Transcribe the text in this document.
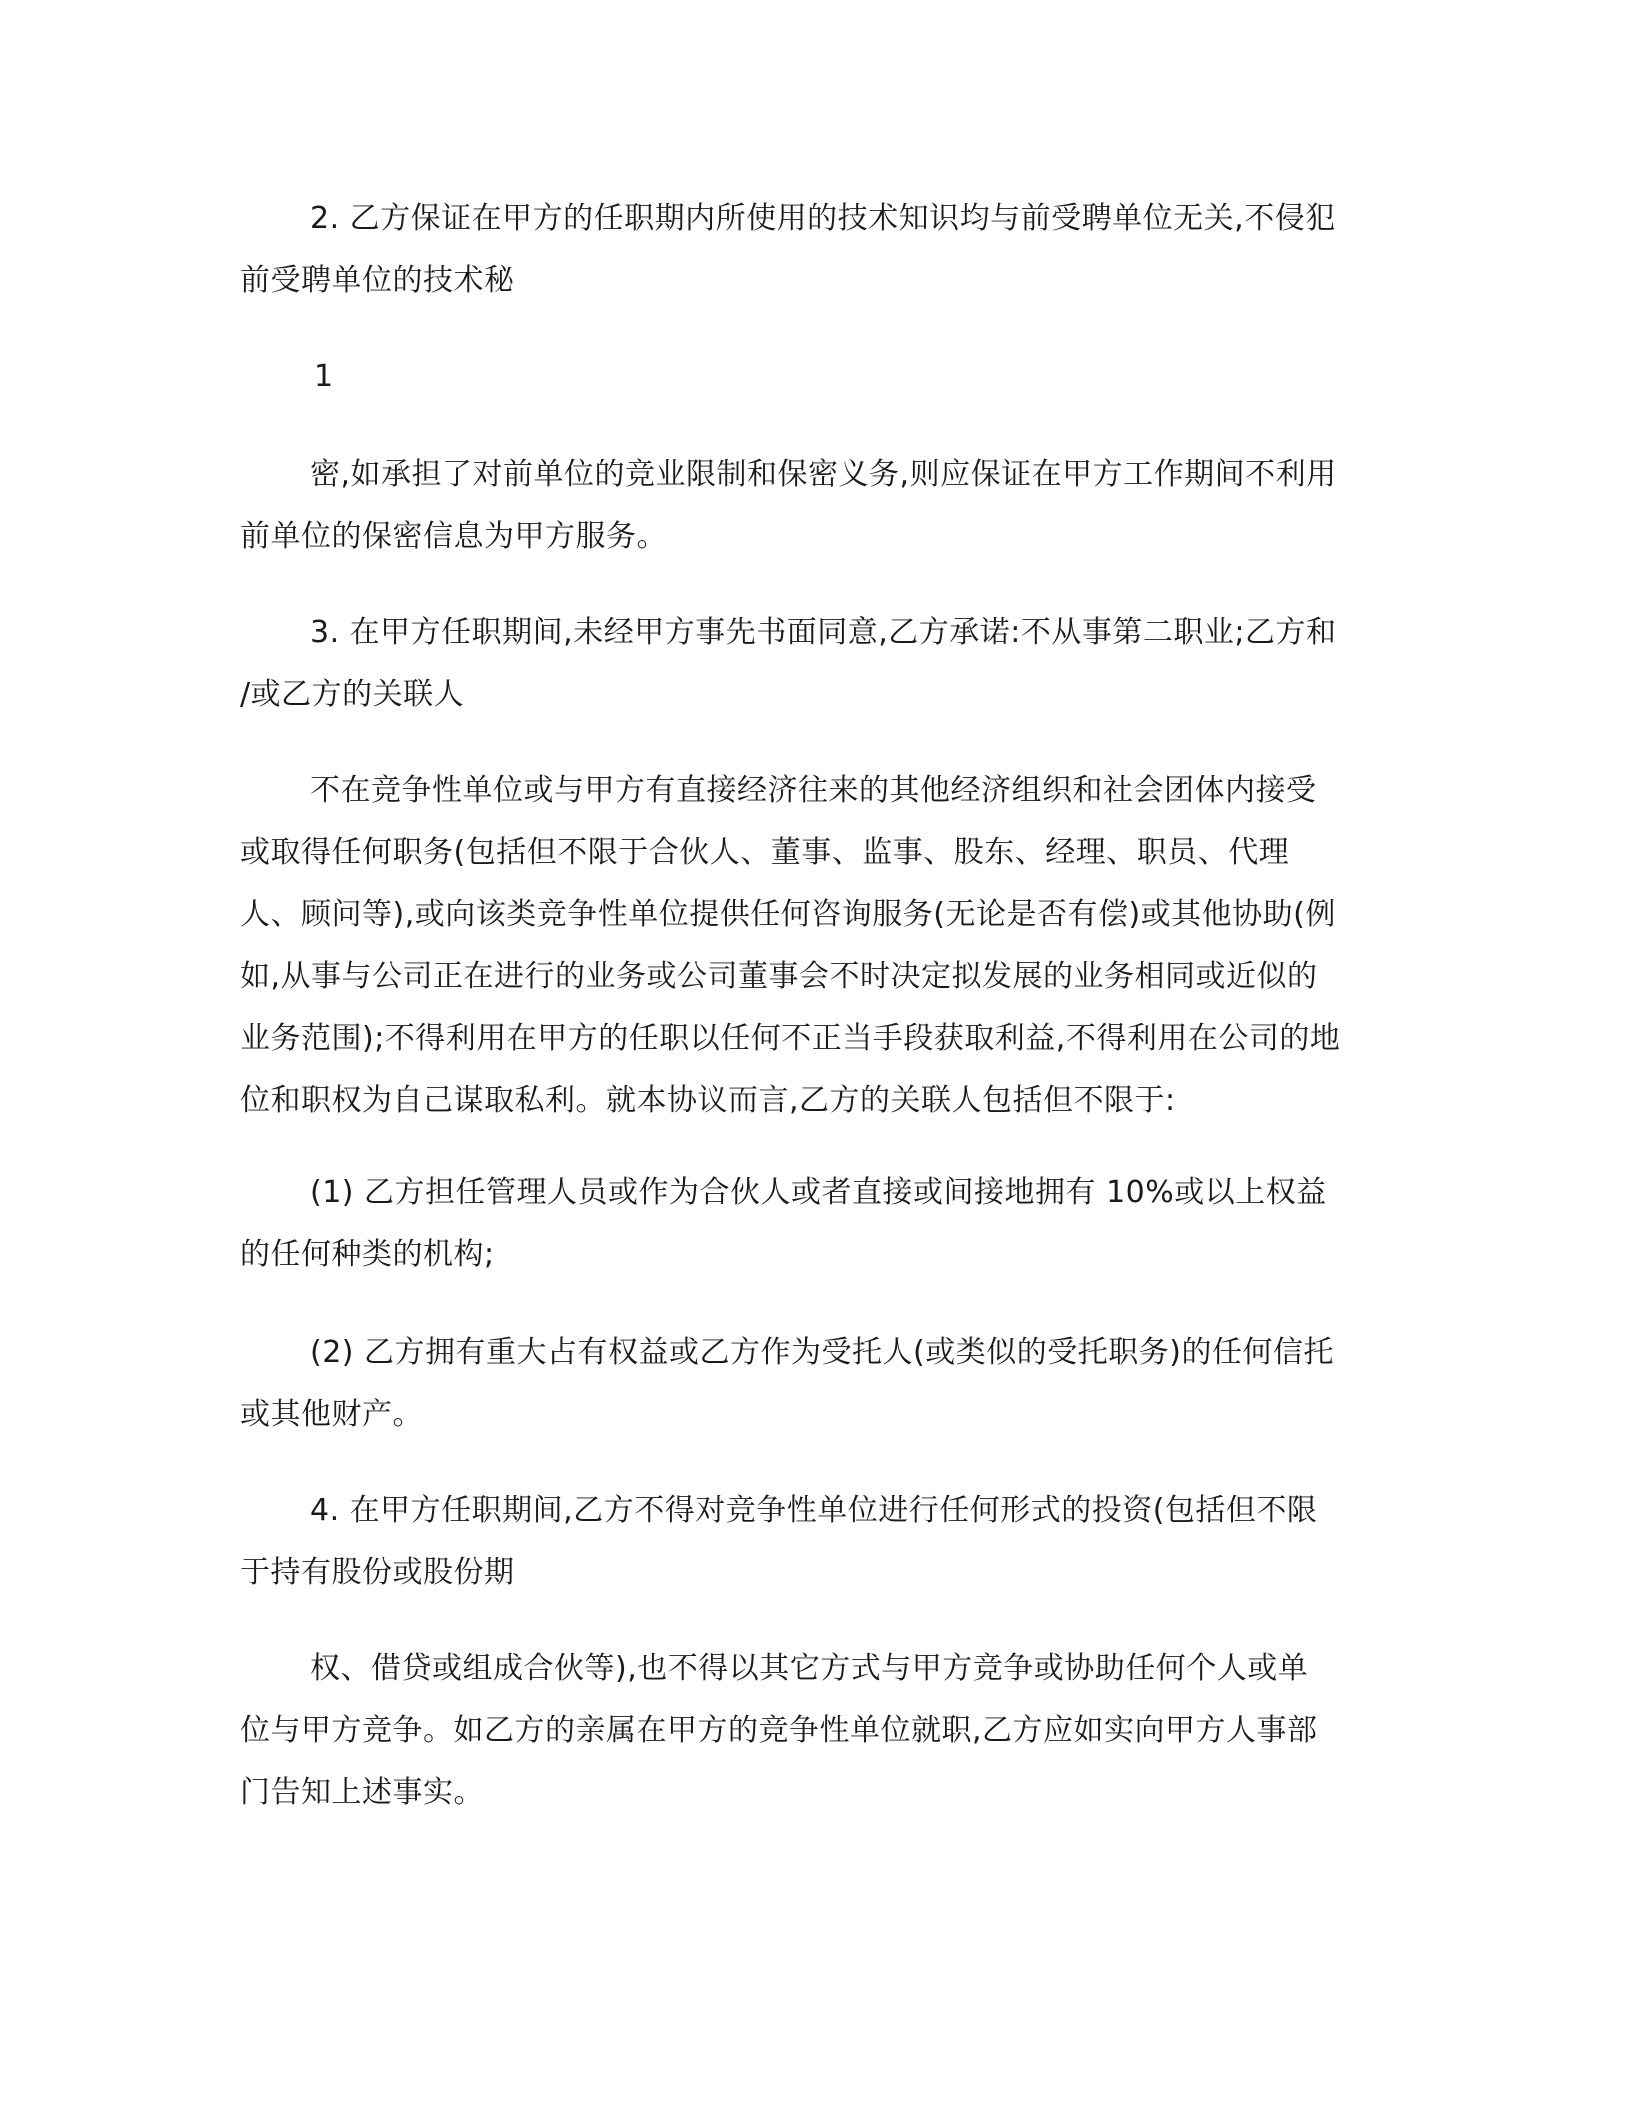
2. 乙方保证在甲方的任职期内所使用的技术知识均与前受聘单位无关,不侵犯
前受聘单位的技术秘

1

密,如承担了对前单位的竞业限制和保密义务,则应保证在甲方工作期间不利用
前单位的保密信息为甲方服务。

3. 在甲方任职期间,未经甲方事先书面同意,乙方承诺:不从事第二职业;乙方和
/或乙方的关联人

不在竞争性单位或与甲方有直接经济往来的其他经济组织和社会团体内接受
或取得任何职务(包括但不限于合伙人、董事、监事、股东、经理、职员、代理
人、顾问等),或向该类竞争性单位提供任何咨询服务(无论是否有偿)或其他协助(例
如,从事与公司正在进行的业务或公司董事会不时决定拟发展的业务相同或近似的
业务范围);不得利用在甲方的任职以任何不正当手段获取利益,不得利用在公司的地
位和职权为自己谋取私利。就本协议而言,乙方的关联人包括但不限于:

(1) 乙方担任管理人员或作为合伙人或者直接或间接地拥有 10%或以上权益
的任何种类的机构;

(2) 乙方拥有重大占有权益或乙方作为受托人(或类似的受托职务)的任何信托
或其他财产。

4. 在甲方任职期间,乙方不得对竞争性单位进行任何形式的投资(包括但不限
于持有股份或股份期

权、借贷或组成合伙等),也不得以其它方式与甲方竞争或协助任何个人或单
位与甲方竞争。如乙方的亲属在甲方的竞争性单位就职,乙方应如实向甲方人事部
门告知上述事实。
